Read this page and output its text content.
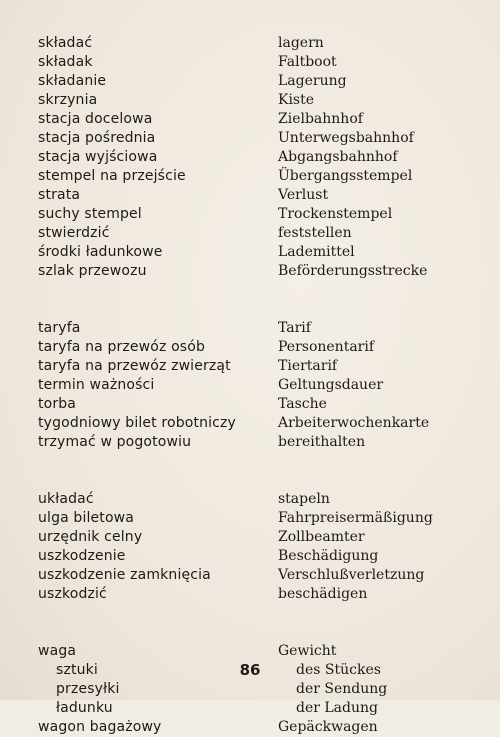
składać
składak
składanie
skrzynia
stacja docelowa
stacja pośrednia
stacja wyjściowa
stempel na przejście
strata
suchy stempel
stwierdzić
środki ładunkowe
szlak przewozu
taryfa
taryfa na przewóz osób
taryfa na przewóz zwierząt
termin ważności
torba
tygodniowy bilet robotniczy
trzymać w pogotowiu
układać
ulga biletowa
urzędnik celny
uszkodzenie
uszkodzenie zamknięcia
uszkodzić
waga
sztuki
przesyłki
ładunku
wagon bagażowy
lagern
Faltboot
Lagerung
Kiste
Zielbahnhof
Unterwegsbahnhof
Abgangsbahnhof
Übergangsstempel
Verlust
Trockenstempel
feststellen
Lademittel
Beförderungsstrecke
Tarif
Personentarif
Tiertarif
Geltungsdauer
Tasche
Arbeiterwochenkarte
bereithalten
stapeln
Fahrpreisermäßigung
Zollbeamter
Beschädigung
Verschlußverletzung
beschädigen
Gewicht
des Stückes
der Sendung
der Ladung
Gepäckwagen
86
